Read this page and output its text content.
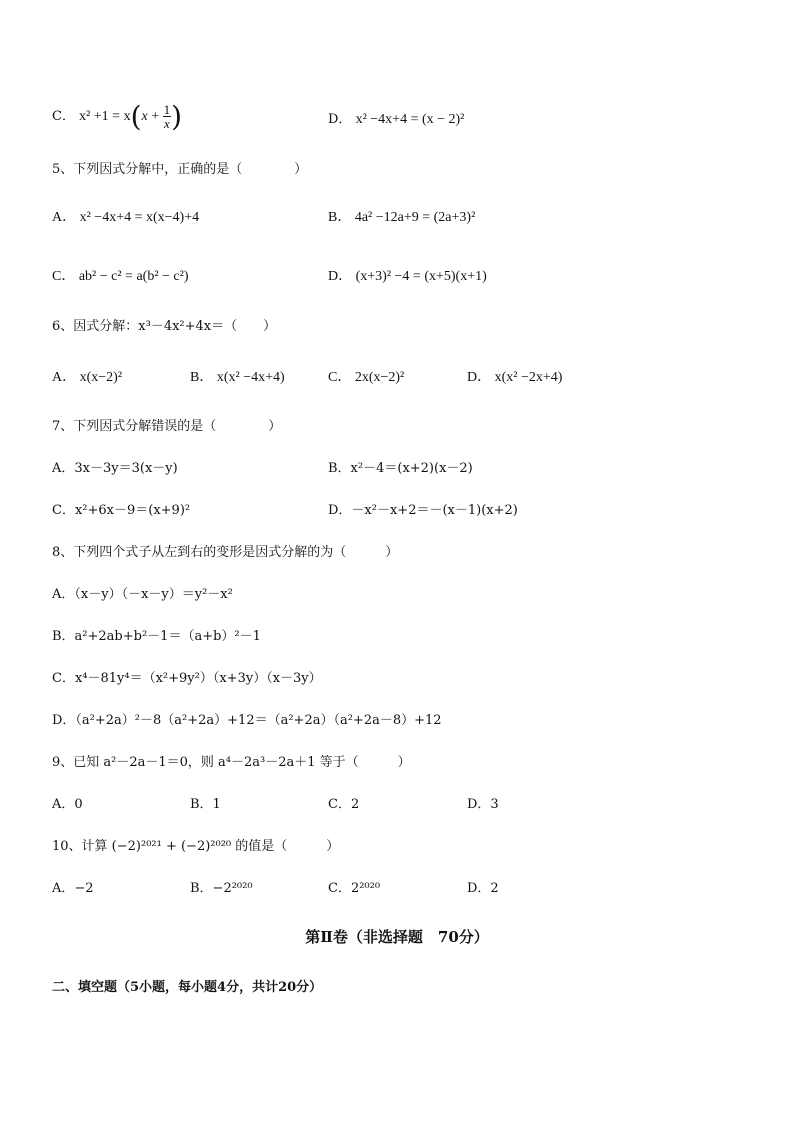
C． $x^2 +1 = x(x + \frac{1}{x}$ )	D． x² −4x+4 = (x − 2)²
5、下列因式分解中，正确的是（　　　　）
A． x² −4x+4 = x(x−4)+4	B． 4a² −12a+9 = (2a+3)²
C． ab² − c² = a(b² − c²)	D． (x+3)² −4 = (x+5)(x+1)
6、因式分解：x³－4x²+4x＝（　　）
A． x(x−2)²	B． x(x² −4x+4)	C． 2x(x−2)²	D． x(x² −2x+4)
7、下列因式分解错误的是（　　　　）
A．3x－3y＝3(x－y)	B．x²－4＝(x+2)(x－2)
C．x²+6x－9＝(x+9)²	D．－x²－x+2＝－(x－1)(x+2)
8、下列四个式子从左到右的变形是因式分解的为（　　　）
A．（x－y）（－x－y）＝y²－x²
B．a²+2ab+b²－1＝（a+b）²－1
C．x⁴－81y⁴＝（x²+9y²）（x+3y）（x－3y）
D．（a²+2a）²－8（a²+2a）+12＝（a²+2a）（a²+2a－8）+12
9、已知 a²－2a－1＝0，则 a⁴－2a³－2a＋1 等于（　　　）
A．0	B．1	C．2	D．3
10、计算 (−2)²⁰²¹ + (−2)²⁰²⁰ 的值是（　　　）
A．−2	B．−2²⁰²⁰	C．2²⁰²⁰	D．2
第Ⅱ卷（非选择题　70分）
二、填空题（5小题，每小题4分，共计20分）
